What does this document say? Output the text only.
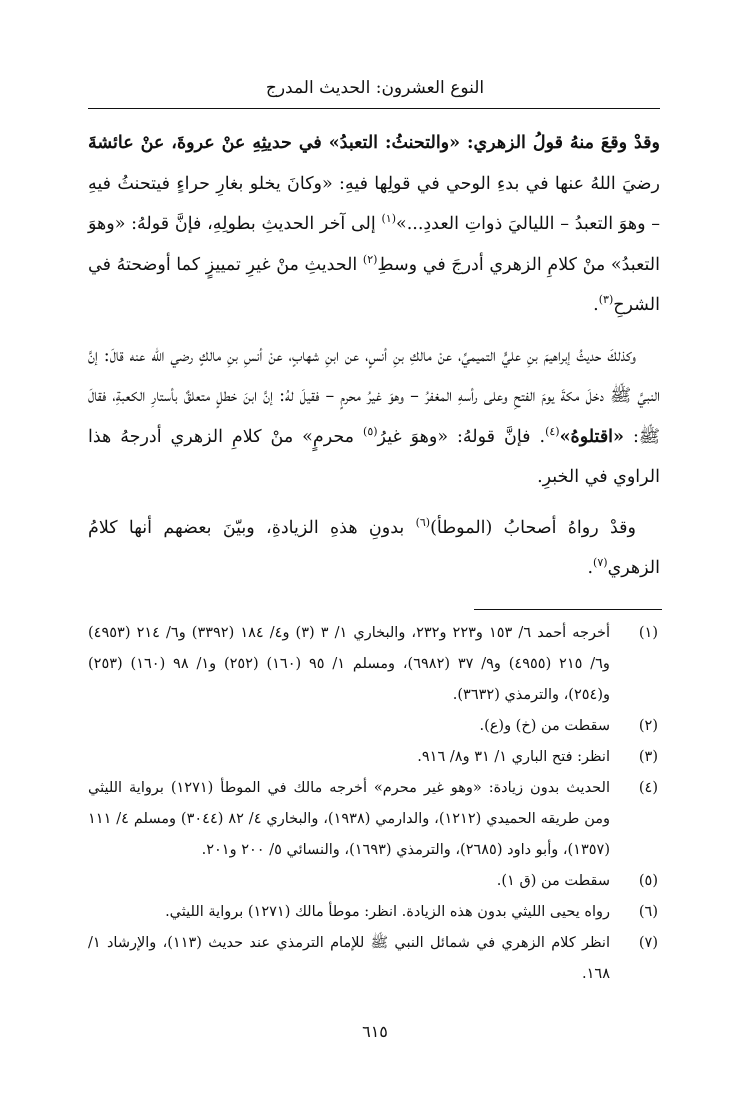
النوع العشرون: الحديث المدرج

وقدْ وقعَ منهُ قولُ الزهري: «والتحنثُ: التعبدُ» في حديثِهِ عنْ عروةَ، عنْ عائشةَ رضيَ اللهُ عنها في بدءِ الوحي في قولِها فيهِ: «وكانَ يخلو بغارِ حراءٍ فيتحنثُ فيهِ – وهوَ التعبدُ – اللياليَ ذواتِ العددِ...»$^{(١)}$ إلى آخر الحديثِ بطولِهِ، فإنَّ قولهُ: «وهوَ التعبدُ» منْ كلامِ الزهري أدرجَ في وسطِ$^{(٢)}$ الحديثِ منْ غيرِ تمييزٍ كما أوضحتهُ في الشرحِ$^{(٣)}$.

وكذلكَ حديثُ إبراهيمَ بنِ عليٍّ التميميِّ، عنْ مالكِ بنِ أنسٍ، عن ابنِ شهابٍ، عنْ أنسِ بنِ مالكٍ رضي الله عنه قالَ: إنَّ النبيَّ ﷺ دخلَ مكةَ يومَ الفتحِ وعلى رأسهِ المغفرُ – وهوَ غيرُ محرمٍ – فقيلَ لهُ: إنَّ ابنَ خطلٍ متعلقٌ بأستارِ الكعبةِ، فقالَ ﷺ: «اقتلوهُ»$^{(٤)}$. فإنَّ قولهُ: «وهوَ غيرُ$^{(٥)}$ محرمٍ» منْ كلامِ الزهري أدرجهُ هذا الراوي في الخبرِ.

وقدْ رواهُ أصحابُ (الموطأ)$^{(٦)}$ بدونِ هذهِ الزيادةِ، وبيّنَ بعضهم أنها كلامُ الزهري$^{(٧)}$.

(١)
أخرجه أحمد ٦/ ١٥٣ و٢٢٣ و٢٣٢، والبخاري ١/ ٣ (٣) و٤/ ١٨٤ (٣٣٩٢) و٦/ ٢١٤ (٤٩٥٣) و٦/ ٢١٥ (٤٩٥٥) و٩/ ٣٧ (٦٩٨٢)، ومسلم ١/ ٩٥ (١٦٠) (٢٥٢) و١/ ٩٨ (١٦٠) (٢٥٣) و(٢٥٤)، والترمذي (٣٦٣٢).
(٢)
سقطت من (خ) و(ع).
(٣)
انظر: فتح الباري ١/ ٣١ و٨/ ٩١٦.
(٤)
الحديث بدون زيادة: «وهو غير محرم» أخرجه مالك في الموطأ (١٢٧١) برواية الليثي ومن طريقه الحميدي (١٢١٢)، والدارمي (١٩٣٨)، والبخاري ٤/ ٨٢ (٣٠٤٤) ومسلم ٤/ ١١١ (١٣٥٧)، وأبو داود (٢٦٨٥)، والترمذي (١٦٩٣)، والنسائي ٥/ ٢٠٠ و٢٠١.
(٥)
سقطت من (ق ١).
(٦)
رواه يحيى الليثي بدون هذه الزيادة. انظر: موطأ مالك (١٢٧١) برواية الليثي.
(٧)
انظر كلام الزهري في شمائل النبي ﷺ للإمام الترمذي عند حديث (١١٣)، والإرشاد ١/ ١٦٨.
٦١٥
